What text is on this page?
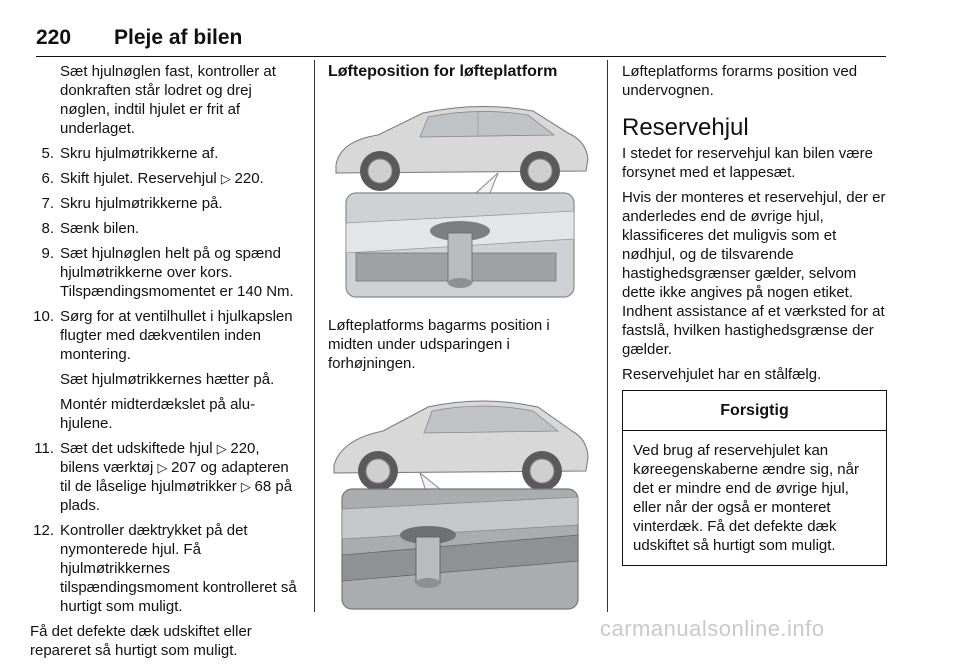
220 Pleje af bilen

Sæt hjulnøglen fast, kontroller at donkraften står lodret og drej nøglen, indtil hjulet er frit af underlaget.

5. Skru hjulmøtrikkerne af.
6. Skift hjulet. Reservehjul ▷ 220.
7. Skru hjulmøtrikkerne på.
8. Sænk bilen.
9. Sæt hjulnøglen helt på og spænd hjulmøtrikkerne over kors. Tilspændingsmomentet er 140 Nm.
10. Sørg for at ventilhullet i hjulkapslen flugter med dækventilen inden montering.

Sæt hjulmøtrikkernes hætter på.

Montér midterdækslet på alu-hjulene.

11. Sæt det udskiftede hjul ▷ 220, bilens værktøj ▷ 207 og adapteren til de låselige hjulmøtrikker ▷ 68 på plads.
12. Kontroller dæktrykket på det nymonterede hjul. Få hjulmøtrikkernes tilspændingsmoment kontrolleret så hurtigt som muligt.

Få det defekte dæk udskiftet eller repareret så hurtigt som muligt.

Løfteposition for løfteplatform

Løfteplatforms bagarms position i midten under udsparingen i forhøjningen.

Løfteplatforms forarms position ved undervognen.

Reservehjul

I stedet for reservehjul kan bilen være forsynet med et lappesæt.

Hvis der monteres et reservehjul, der er anderledes end de øvrige hjul, klassificeres det muligvis som et nødhjul, og de tilsvarende hastighedsgrænser gælder, selvom dette ikke angives på nogen etiket. Indhent assistance af et værksted for at fastslå, hvilken hastighedsgrænse der gælder.

Reservehjulet har en stålfælg.

Forsigtig
Ved brug af reservehjulet kan køreegenskaberne ændre sig, når det er mindre end de øvrige hjul, eller når der også er monteret vinterdæk. Få det defekte dæk udskiftet så hurtigt som muligt.
carmanualsonline.info
